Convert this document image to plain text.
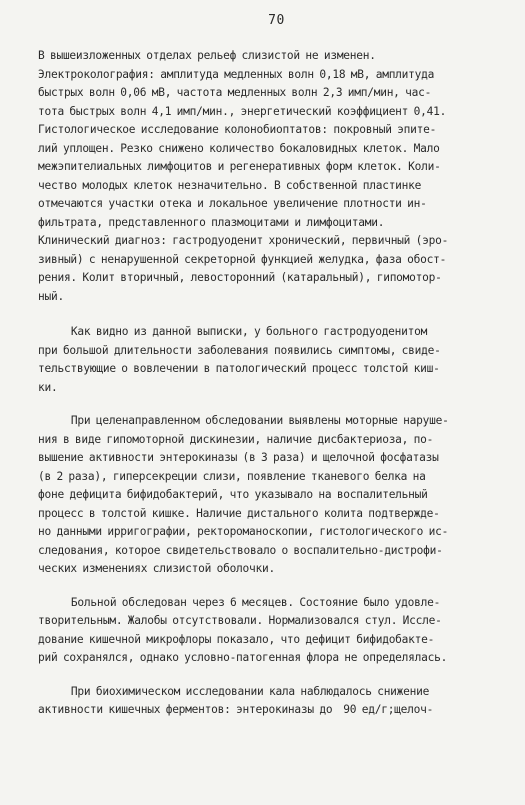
70
В вышеизложенных отделах рельеф слизистой не изменен.
Электроколография: амплитуда медленных волн 0,18 мВ, амплитуда
быстрых волн 0,06 мВ, частота медленных волн 2,3 имп/мин, час-
тота быстрых волн 4,1 имп/мин., энергетический коэффициент 0,41.
Гистологическое исследование колонобиоптатов: покровный эпите-
лий уплощен. Резко снижено количество бокаловидных клеток. Мало
межэпителиальных лимфоцитов и регенеративных форм клеток. Коли-
чество молодых клеток незначительно. В собственной пластинке
отмечаются участки отека и локальное увеличение плотности ин-
фильтрата, представленного плазмоцитами и лимфоцитами.
Клинический диагноз: гастродуоденит хронический, первичный (эро-
зивный) с ненарушенной секреторной функцией желудка, фаза обост-
рения. Колит вторичный, левосторонний (катаральный), гипомотор-
ный.
Как видно из данной выписки, у больного гастродуоденитом
при большой длительности заболевания появились симптомы, свиде-
тельствующие о вовлечении в патологический процесс толстой киш-
ки.
При целенаправленном обследовании выявлены моторные наруше-
ния в виде гипомоторной дискинезии, наличие дисбактериоза, по-
вышение активности энтерокиназы (в 3 раза) и щелочной фосфатазы
(в 2 раза), гиперсекреции слизи, появление тканевого белка на
фоне дефицита бифидобактерий, что указывало на воспалительный
процесс в толстой кишке. Наличие дистального колита подтвержде-
но данными ирригографии, ректороманоскопии, гистологического ис-
следования, которое свидетельствовало о воспалительно-дистрофи-
ческих изменениях слизистой оболочки.
Больной обследован через 6 месяцев. Состояние было удовле-
творительным. Жалобы отсутствовали. Нормализовался стул. Иссле-
дование кишечной микрофлоры показало, что дефицит бифидобакте-
рий сохранялся, однако условно-патогенная флора не определялась.
При биохимическом исследовании кала наблюдалось снижение
активности кишечных ферментов: энтерокиназы до  90 ед/г;щелоч-
